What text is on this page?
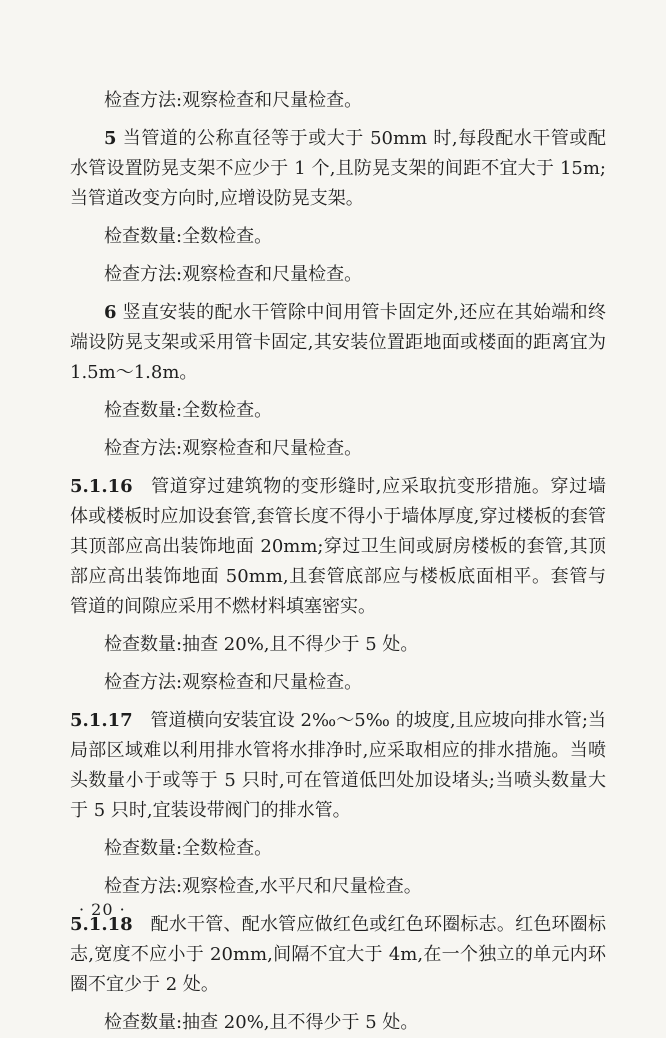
检查方法:观察检查和尺量检查。

5 当管道的公称直径等于或大于 50mm 时,每段配水干管或配水管设置防晃支架不应少于 1 个,且防晃支架的间距不宜大于 15m;当管道改变方向时,应增设防晃支架。

检查数量:全数检查。

检查方法:观察检查和尺量检查。

6 竖直安装的配水干管除中间用管卡固定外,还应在其始端和终端设防晃支架或采用管卡固定,其安装位置距地面或楼面的距离宜为 1.5m～1.8m。

检查数量:全数检查。

检查方法:观察检查和尺量检查。

5.1.16 管道穿过建筑物的变形缝时,应采取抗变形措施。穿过墙体或楼板时应加设套管,套管长度不得小于墙体厚度,穿过楼板的套管其顶部应高出装饰地面 20mm;穿过卫生间或厨房楼板的套管,其顶部应高出装饰地面 50mm,且套管底部应与楼板底面相平。套管与管道的间隙应采用不燃材料填塞密实。

检查数量:抽查 20%,且不得少于 5 处。

检查方法:观察检查和尺量检查。

5.1.17 管道横向安装宜设 2‰～5‰ 的坡度,且应坡向排水管;当局部区域难以利用排水管将水排净时,应采取相应的排水措施。当喷头数量小于或等于 5 只时,可在管道低凹处加设堵头;当喷头数量大于 5 只时,宜装设带阀门的排水管。

检查数量:全数检查。

检查方法:观察检查,水平尺和尺量检查。

5.1.18 配水干管、配水管应做红色或红色环圈标志。红色环圈标志,宽度不应小于 20mm,间隔不宜大于 4m,在一个独立的单元内环圈不宜少于 2 处。

检查数量:抽查 20%,且不得少于 5 处。

· 20 ·
